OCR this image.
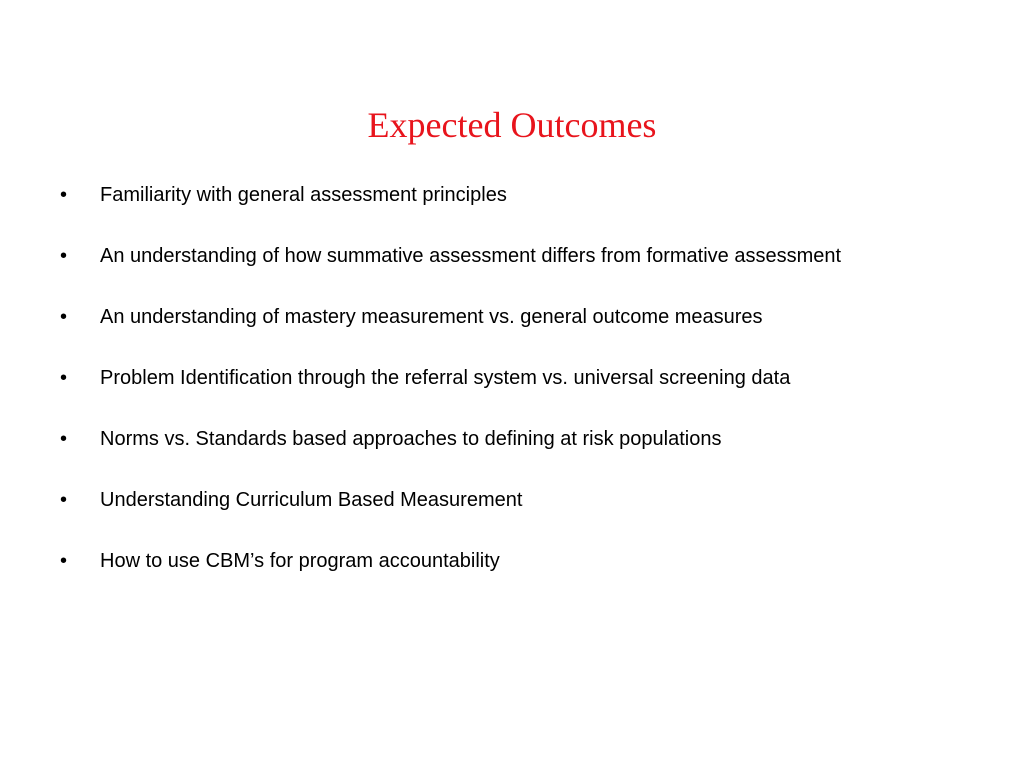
Expected Outcomes
•	Familiarity with general assessment principles
•	An understanding of how summative assessment differs from formative assessment
•	An understanding of mastery measurement vs. general outcome measures
•	Problem Identification through the referral system vs. universal screening data
•	Norms vs. Standards based approaches to defining at risk populations
•	Understanding Curriculum Based Measurement
•	How to use CBM’s for program accountability
